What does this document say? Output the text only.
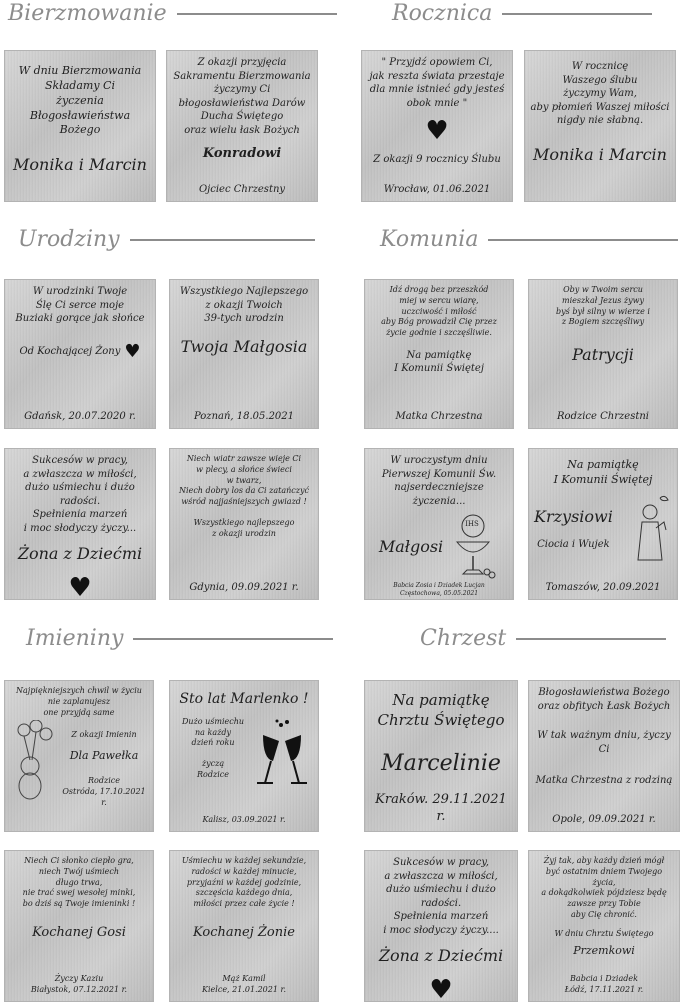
Bierzmowanie	Rocznica
Urodziny	Komunia
Imieniny	Chrzest
W dniu Bierzmowania
Składamy Ci
życzenia
Błogosławieństwa Bożego
Monika i Marcin
Z okazji przyjęcia
Sakramentu Bierzmowania
życzymy Ci
błogosławieństwa Darów
Ducha Świętego
oraz wielu łask Bożych
Konradowi
Ojciec Chrzestny
" Przyjdź opowiem Ci,
jak reszta świata przestaje
dla mnie istnieć gdy jesteś
obok mnie "
♥
Z okazji 9 rocznicy Ślubu
Wrocław, 01.06.2021
W rocznicę
Waszego ślubu
życzymy Wam,
aby płomień Waszej miłości
nigdy nie słabną.
Monika i Marcin
W urodzinki Twoje
Ślę Ci serce moje
Buziaki gorące jak słońce
Od Kochającej Żony ♥
Gdańsk, 20.07.2020 r.
Wszystkiego Najlepszego
z okazji Twoich
39-tych urodzin
Twoja Małgosia
Poznań, 18.05.2021
Sukcesów w pracy,
a zwłaszcza w miłości,
dużo uśmiechu i dużo radości.
Spełnienia marzeń
i moc słodyczy życzy...
Żona z Dziećmi
♥
Niech wiatr zawsze wieje Ci
w plecy, a słońce świeci
w twarz,
Niech dobry los da Ci zatańczyć
wśród najjaśniejszych gwiazd !
Wszystkiego najlepszego
z okazji urodzin
Gdynia, 09.09.2021 r.
Idź drogą bez przeszkód
miej w sercu wiarę,
uczciwość i miłość
aby Bóg prowadził Cię przez
życie godnie i szczęśliwie.
Na pamiątkę
I Komunii Świętej
Matka Chrzestna
Oby w Twoim sercu
mieszkał Jezus żywy
byś był silny w wierze i
z Bogiem szczęśliwy
Patrycji
Rodzice Chrzestni
W uroczystym dniu
Pierwszej Komunii Św.
najserdeczniejsze życzenia...
Małgosi
IHS
Babcia Zosia i Dziadek Lucjan
Częstochowa, 05.05.2021
Na pamiątkę
I Komunii Świętej
Krzysiowi
Ciocia i Wujek
Tomaszów, 20.09.2021
Najpiękniejszych chwil w życiu
nie zaplanujesz
one przyjdą same
Z okazji Imienin
Dla Pawełka
Rodzice
Ostróda, 17.10.2021 r.
Sto lat Marlenko !
Dużo uśmiechu
na każdy
dzień roku
życzą
Rodzice
Kalisz, 03.09.2021 r.
Niech Ci słonko ciepło gra,
niech Twój uśmiech
długo trwa,
nie trać swej wesołej minki,
bo dziś są Twoje imieninki !
Kochanej Gosi
Życzy Kaziu
Białystok, 07.12.2021 r.
Uśmiechu w każdej sekundzie,
radości w każdej minucie,
przyjaźni w każdej godzinie,
szczęścia każdego dnia,
miłości przez całe życie !
Kochanej Żonie
Mąż Kamil
Kielce, 21.01.2021 r.
Na pamiątkę
Chrztu Świętego
Marcelinie
Kraków. 29.11.2021 r.
Błogosławieństwa Bożego
oraz obfitych Łask Bożych
W tak ważnym dniu, życzy Ci
Matka Chrzestna z rodziną
Opole, 09.09.2021 r.
Sukcesów w pracy,
a zwłaszcza w miłości,
dużo uśmiechu i dużo radości.
Spełnienia marzeń
i moc słodyczy życzy....
Żona z Dziećmi
♥
Żyj tak, aby każdy dzień mógł
być ostatnim dniem Twojego życia,
a dokądkolwiek pójdziesz będę
zawsze przy Tobie
aby Cię chronić.
W dniu Chrztu Świętego
Przemkowi
Babcia i Dziadek
Łódź, 17.11.2021 r.
